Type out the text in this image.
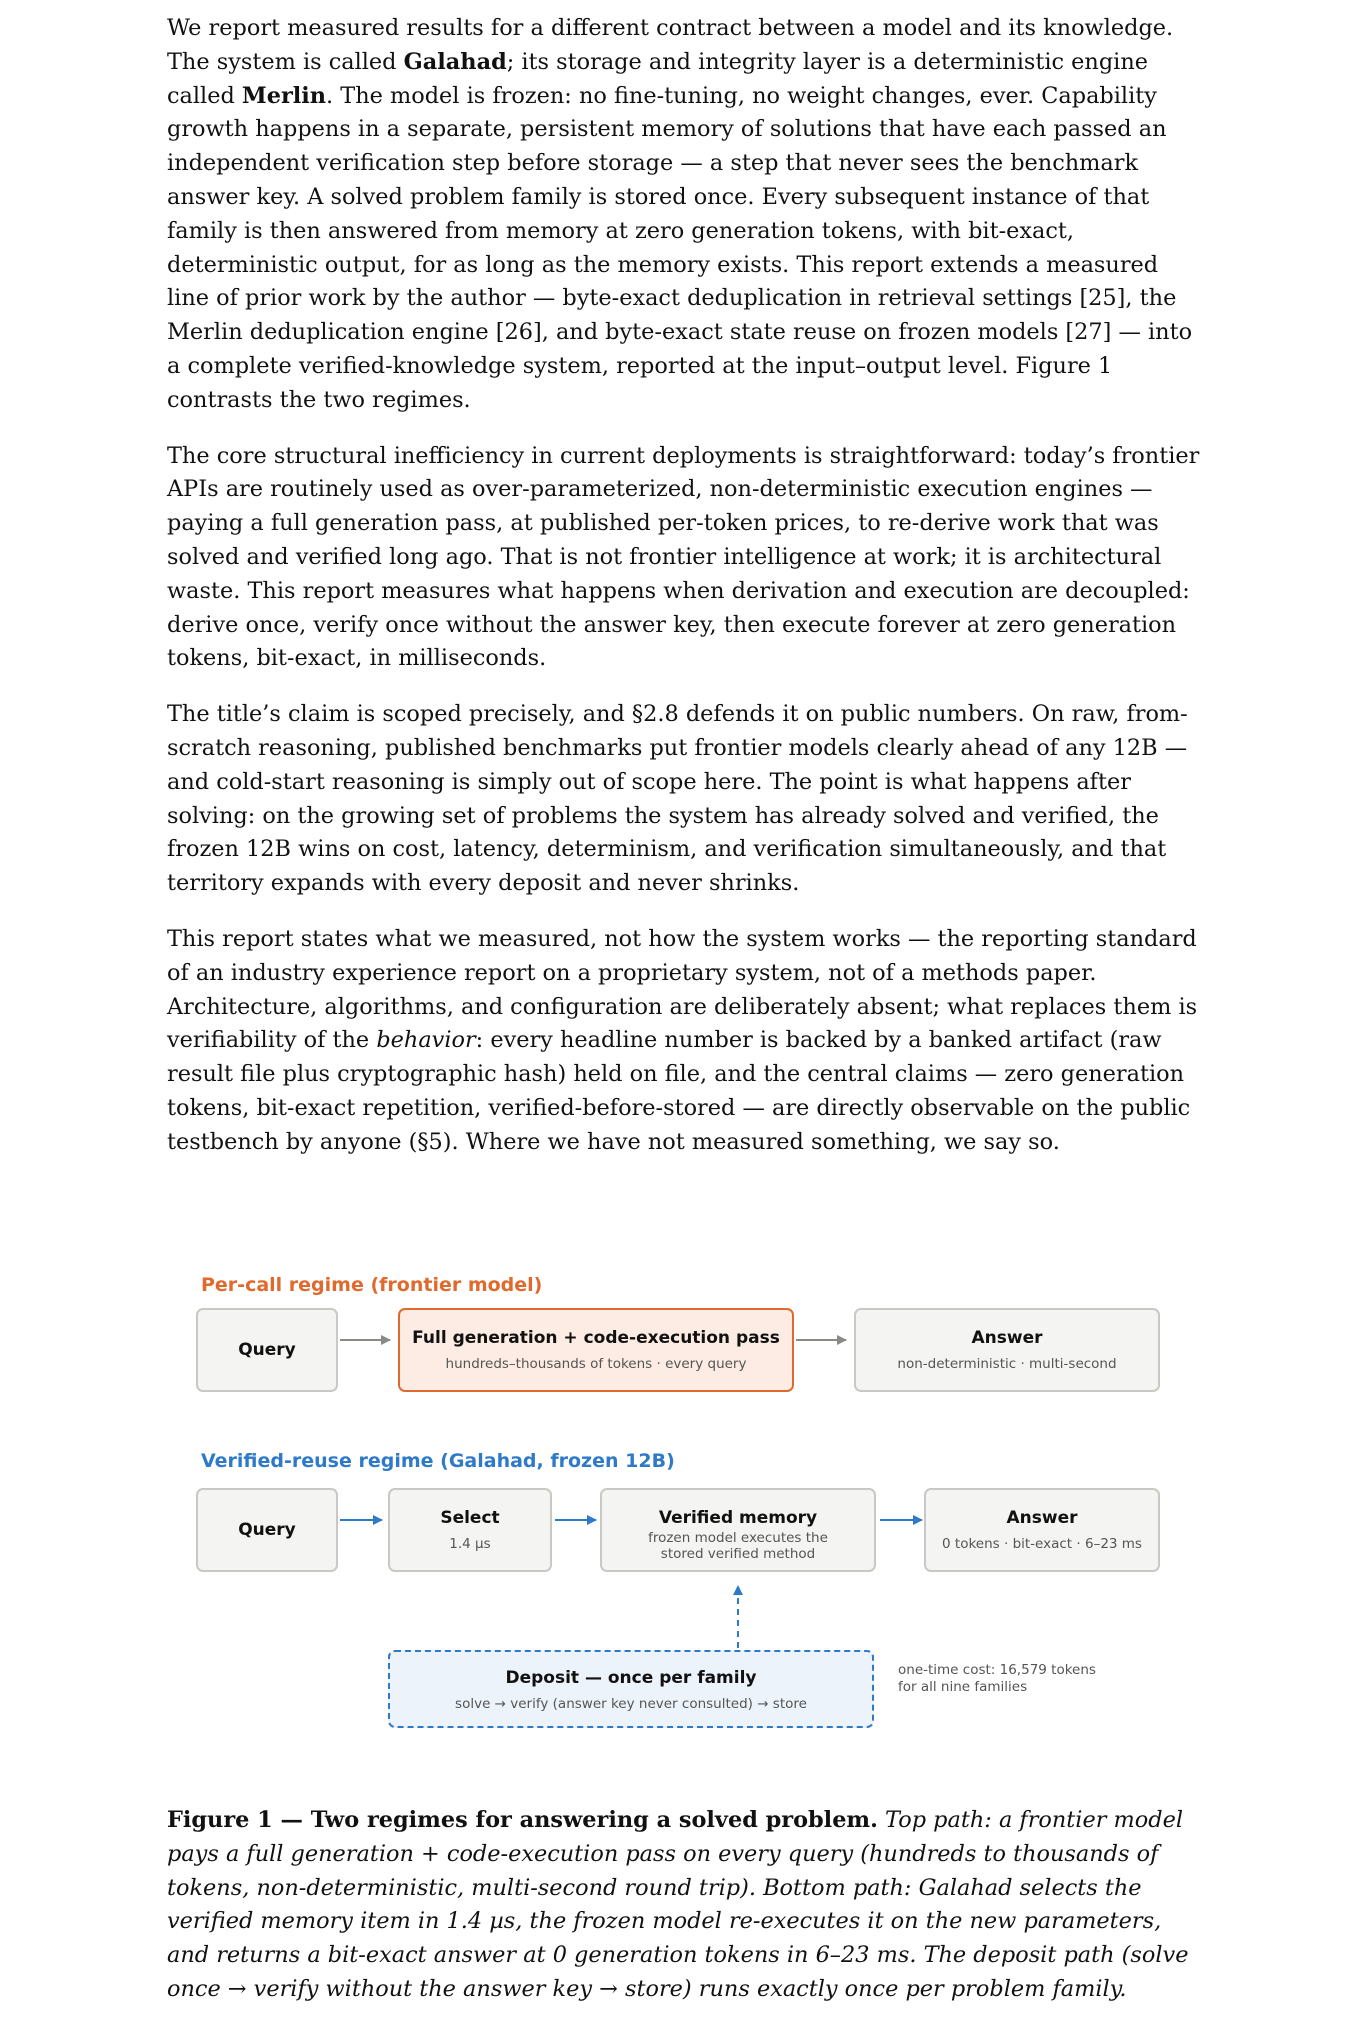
We report measured results for a different contract between a model and its knowledge. The system is called Galahad; its storage and integrity layer is a deterministic engine called Merlin. The model is frozen: no fine-tuning, no weight changes, ever. Capability growth happens in a separate, persistent memory of solutions that have each passed an independent verification step before storage — a step that never sees the benchmark answer key. A solved problem family is stored once. Every subsequent instance of that family is then answered from memory at zero generation tokens, with bit-exact, deterministic output, for as long as the memory exists. This report extends a measured line of prior work by the author — byte-exact deduplication in retrieval settings [25], the Merlin deduplication engine [26], and byte-exact state reuse on frozen models [27] — into a complete verified-knowledge system, reported at the input–output level. Figure 1 contrasts the two regimes.

The core structural inefficiency in current deployments is straightforward: today’s frontier APIs are routinely used as over-parameterized, non-deterministic execution engines — paying a full generation pass, at published per-token prices, to re-derive work that was solved and verified long ago. That is not frontier intelligence at work; it is architectural waste. This report measures what happens when derivation and execution are decoupled: derive once, verify once without the answer key, then execute forever at zero generation tokens, bit-exact, in milliseconds.

The title’s claim is scoped precisely, and §2.8 defends it on public numbers. On raw, from-scratch reasoning, published benchmarks put frontier models clearly ahead of any 12B — and cold-start reasoning is simply out of scope here. The point is what happens after solving: on the growing set of problems the system has already solved and verified, the frozen 12B wins on cost, latency, determinism, and verification simultaneously, and that territory expands with every deposit and never shrinks.

This report states what we measured, not how the system works — the reporting standard of an industry experience report on a proprietary system, not of a methods paper. Architecture, algorithms, and configuration are deliberately absent; what replaces them is verifiability of the behavior: every headline number is backed by a banked artifact (raw result file plus cryptographic hash) held on file, and the central claims — zero generation tokens, bit-exact repetition, verified-before-stored — are directly observable on the public testbench by anyone (§5). Where we have not measured something, we say so.

Per-call regime (frontier model)
Query
Full generation + code-execution pass
hundreds–thousands of tokens · every query
Answer
non-deterministic · multi-second
Verified-reuse regime (Galahad, frozen 12B)
Query
Select
1.4 µs
Verified memory
frozen model executes the
stored verified method
Answer
0 tokens · bit-exact · 6–23 ms
Deposit — once per family
solve → verify (answer key never consulted) → store
one-time cost: 16,579 tokens
for all nine families

Figure 1 — Two regimes for answering a solved problem. Top path: a frontier model pays a full generation + code-execution pass on every query (hundreds to thousands of tokens, non-deterministic, multi-second round trip). Bottom path: Galahad selects the verified memory item in 1.4 µs, the frozen model re-executes it on the new parameters, and returns a bit-exact answer at 0 generation tokens in 6–23 ms. The deposit path (solve once → verify without the answer key → store) runs exactly once per problem family.
